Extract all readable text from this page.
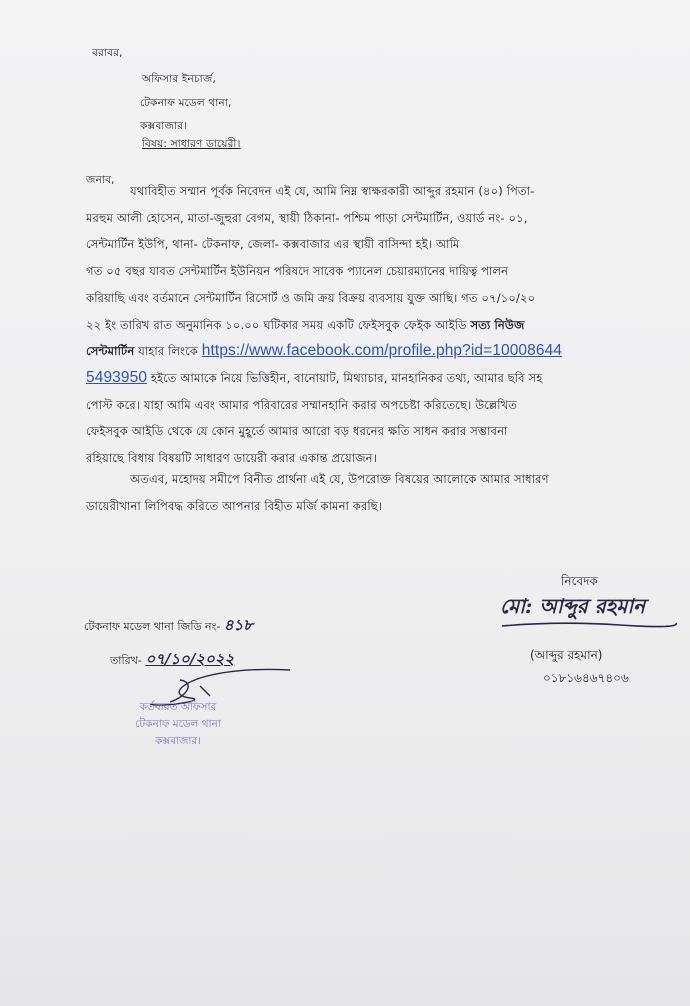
বরাবর,
অফিসার ইনচার্জ,
টেকনাফ মডেল থানা,
কক্সবাজার।
বিষয়: সাধারণ ডায়েরী।
জনাব,
যথাবিহীত সম্মান পূর্বক নিবেদন এই যে, আমি নিম্ন স্বাক্ষরকারী আব্দুর রহমান (৪০) পিতা-
মরহুম আলী হোসেন, মাতা-জুহুরা বেগম, স্থায়ী ঠিকানা- পশ্চিম পাড়া সেন্টমার্টিন, ওয়ার্ড নং- ০১,
সেন্টমার্টিন ইউপি, থানা- টেকনাফ, জেলা- কক্সবাজার এর স্থায়ী বাসিন্দা হই। আমি
গত ০৫ বছর যাবত সেন্টমার্টিন ইউনিয়ন পরিষদে সাবেক প্যানেল চেয়ারম্যানের দায়িত্ব পালন
করিয়াছি এবং বর্তমানে সেন্টমার্টিন রিসোর্ট ও জমি ক্রয় বিক্রয় ব্যবসায় যুক্ত আছি। গত ০৭/১০/২০
২২ ইং তারিখ রাত অনুমানিক ১০.০০ ঘটিকার সময় একটি ফেইসবুক ফেইক আইডি সত্য নিউজ
সেন্টমার্টিন যাহার লিংকে https://www.facebook.com/profile.php?id=10008644
5493950 হইতে আমাকে নিয়ে ভিত্তিহীন, বানোয়াট, মিথ্যাচার, মানহানিকর তথ্য, আমার ছবি সহ
পোস্ট করে। যাহা আমি এবং আমার পরিবারের সম্মানহানি করার অপচেষ্টা করিতেছে। উল্লেখিত
ফেইসবুক আইডি থেকে যে কোন মুহূর্তে আমার আরো বড় ধরনের ক্ষতি সাধন করার সম্ভাবনা
রহিয়াছে বিধায় বিষয়টি সাধারণ ডায়েরী করার একান্ত প্রয়োজন।
অতএব, মহোদয় সমীপে বিনীত প্রার্থনা এই যে, উপরোক্ত বিষয়ের আলোকে আমার সাধারণ
ডায়েরীখানা লিপিবদ্ধ করিতে আপনার বিহীত মর্জি কামনা করছি।
নিবেদক
মো: আব্দুর রহমান
(আব্দুর রহমান)
০১৮১৬৪৬৭৪০৬
টেকনাফ মডেল থানা জিডি নং- ৪১৮
তারিখ- ০৭/১০/২০২২
কর্তব্যরত অফিসার
টেকনাফ মডেল থানা
কক্সবাজার।
